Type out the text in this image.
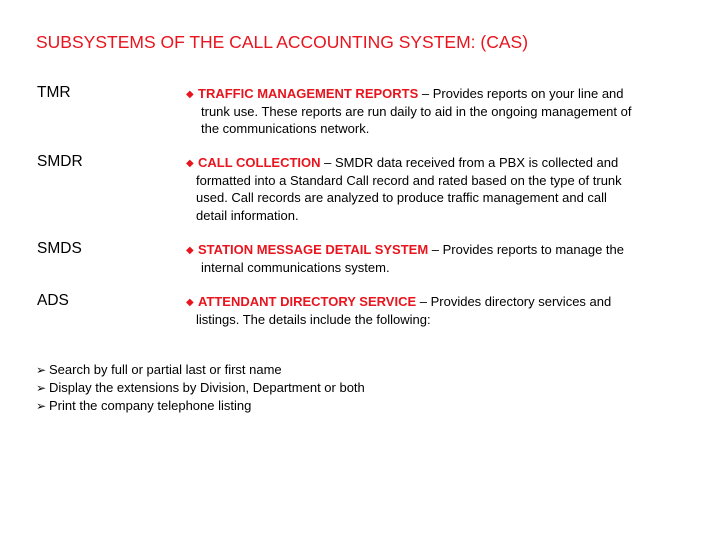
SUBSYSTEMS OF THE CALL ACCOUNTING SYSTEM: (CAS)
TMR	◆ TRAFFIC MANAGEMENT REPORTS – Provides reports on your line and
trunk use. These reports are run daily to aid in the ongoing management of
the communications network.
SMDR	◆ CALL COLLECTION – SMDR data received from a PBX is collected and
formatted into a Standard Call record and rated based on the type of trunk
used. Call records are analyzed to produce traffic management and call
detail information.
SMDS	◆ STATION MESSAGE DETAIL SYSTEM – Provides reports to manage the
internal communications system.
ADS	◆ ATTENDANT DIRECTORY SERVICE – Provides directory services and
listings. The details include the following:
➢ Search by full or partial last or first name
➢ Display the extensions by Division, Department or both
➢ Print the company telephone listing
